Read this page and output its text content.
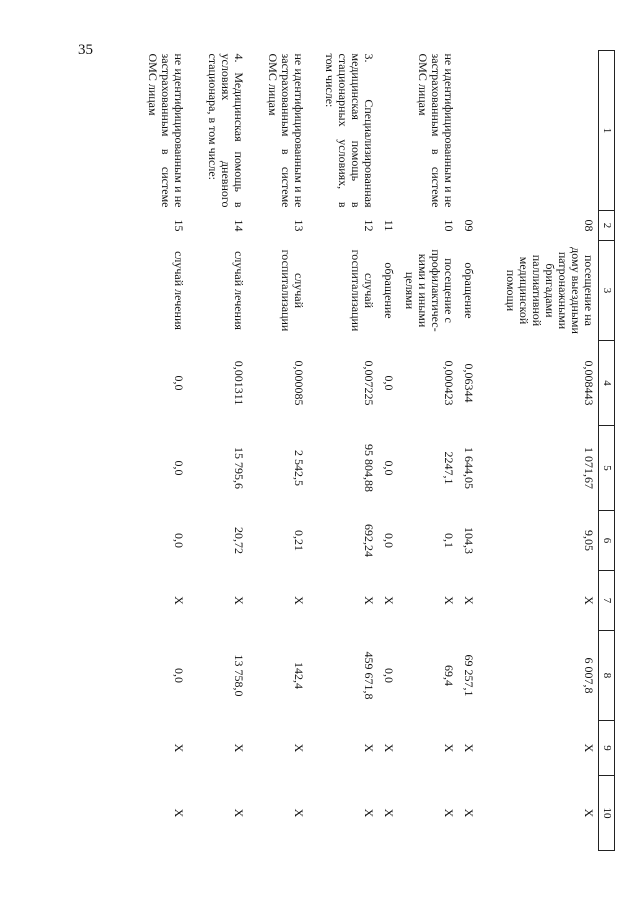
35
1	2	3	4	5	6	7	8	9	10
	08	посещение на дому выездными патронажными бригадами паллиативной медицинской помощи	0,008443	1 071,67	9,05	X	6 007,8	X	X
	09	обращение	0,06344	1 644,05	104,3	X	69 257,1	X	X
не идентифицированным и не застрахованным в системе ОМС лицам	10	посещение с профилактичес-кими и иными целями	0,000423	2247,1	0,1	X	69,4	X	X
	11	обращение	0,0	0,0	0,0	X	0,0	X	X
3. Специализированная медицинская помощь в стационарных условиях, в том числе:	12	случай госпитализации	0,007225	95 804,88	692,24	X	459 671,8	X	X
не идентифицированным и не застрахованным в системе ОМС лицам	13	случай госпитализации	0,000085	2 542,5	0,21	X	142,4	X	X
4. Медицинская помощь в условиях дневного стационара, в том числе:	14	случай лечения	0,001311	15 795,6	20,72	X	13 758,0	X	X
не идентифицированным и не застрахованным в системе ОМС лицам	15	случай лечения	0,0	0,0	0,0	X	0,0	X	X
